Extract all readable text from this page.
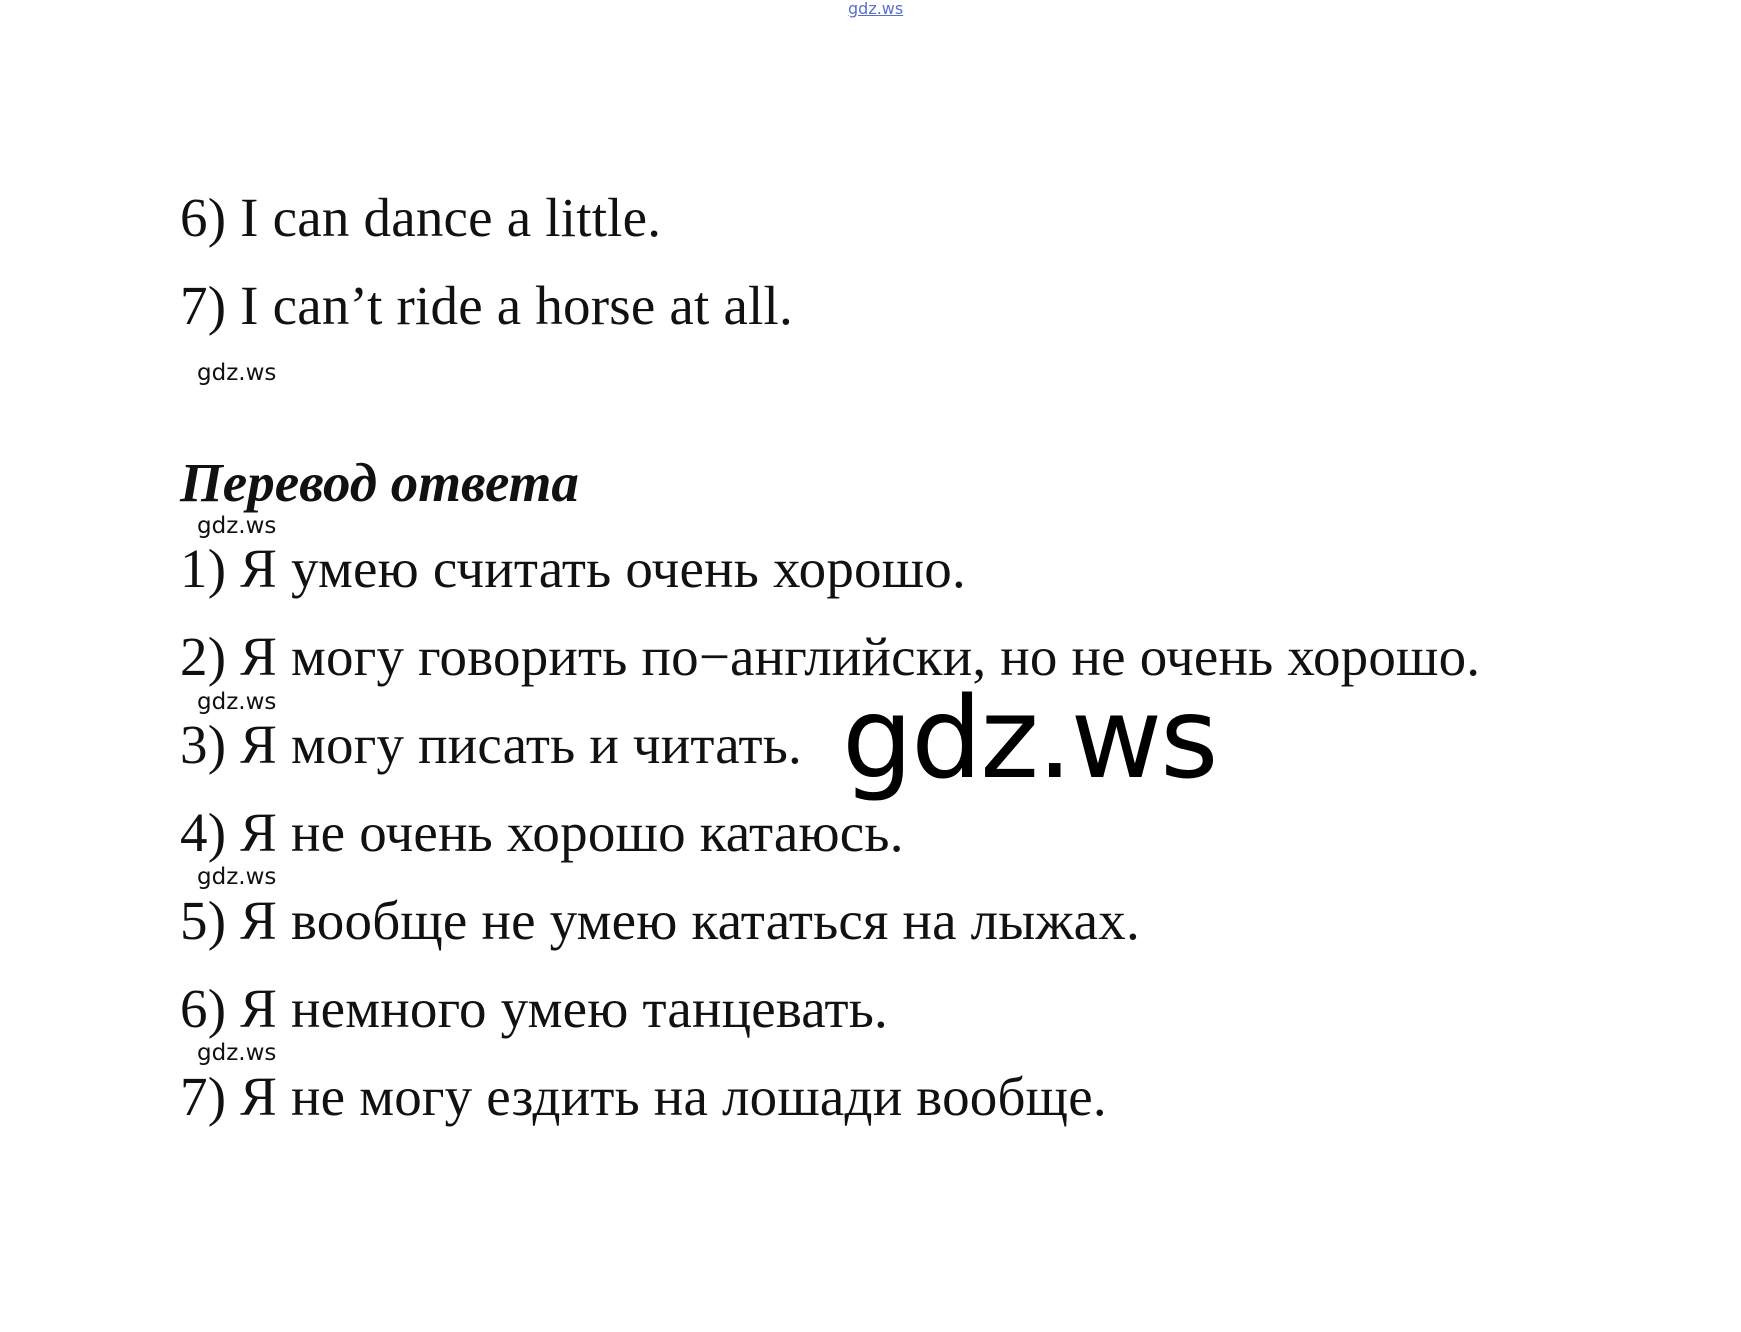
gdz.ws
6) I can dance a little.
7) I can’t ride a horse at all.
gdz.ws
Перевод ответа
gdz.ws
1) Я умею считать очень хорошо.
2) Я могу говорить по−английски, но не очень хорошо.
gdz.ws
3) Я могу писать и читать. gdz.ws
4) Я не очень хорошо катаюсь.
gdz.ws
5) Я вообще не умею кататься на лыжах.
6) Я немного умею танцевать.
gdz.ws
7) Я не могу ездить на лошади вообще.
